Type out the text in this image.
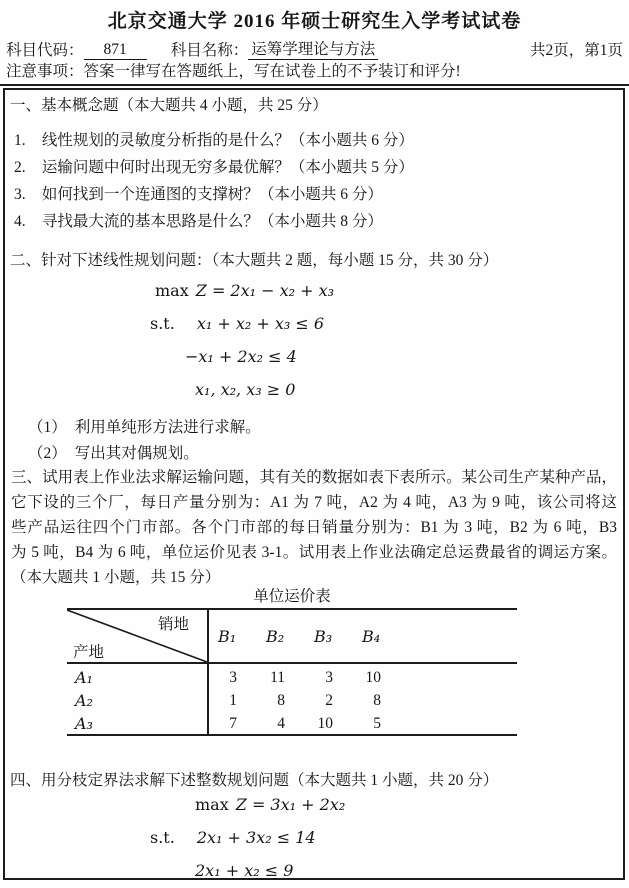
北京交通大学 2016 年硕士研究生入学考试试卷
科目代码：	871	科目名称： 运筹学理论与方法	共2页，第1页
注意事项：答案一律写在答题纸上，写在试卷上的不予装订和评分!
一、基本概念题（本大题共 4 小题，共 25 分）
1. 线性规划的灵敏度分析指的是什么？（本小题共 6 分）
2. 运输问题中何时出现无穷多最优解？（本小题共 5 分）
3. 如何找到一个连通图的支撑树？（本小题共 6 分）
4. 寻找最大流的基本思路是什么？（本小题共 8 分）
二、针对下述线性规划问题：（本大题共 2 题，每小题 15 分，共 30 分）
max Z = 2x₁ − x₂ + x₃
s.t. x₁ + x₂ + x₃ ≤ 6
−x₁ + 2x₂ ≤ 4
x₁, x₂, x₃ ≥ 0
（1） 利用单纯形方法进行求解。
（2） 写出其对偶规划。
三、试用表上作业法求解运输问题，其有关的数据如表下表所示。某公司生产某种产品，
它下设的三个厂，每日产量分别为：A1 为 7 吨，A2 为 4 吨，A3 为 9 吨，该公司将这
些产品运往四个门市部。各个门市部的每日销量分别为：B1 为 3 吨，B2 为 6 吨，B3
为 5 吨，B4 为 6 吨，单位运价见表 3-1。试用表上作业法确定总运费最省的调运方案。
（本大题共 1 小题，共 15 分）
单位运价表
销地
产地
B₁	B₂	B₃	B₄
A₁	3	11	3	10
A₂	1	8	2	8
A₃	7	4	10	5
四、用分枝定界法求解下述整数规划问题（本大题共 1 小题，共 20 分）
max Z = 3x₁ + 2x₂
s.t. 2x₁ + 3x₂ ≤ 14
2x₁ + x₂ ≤ 9
